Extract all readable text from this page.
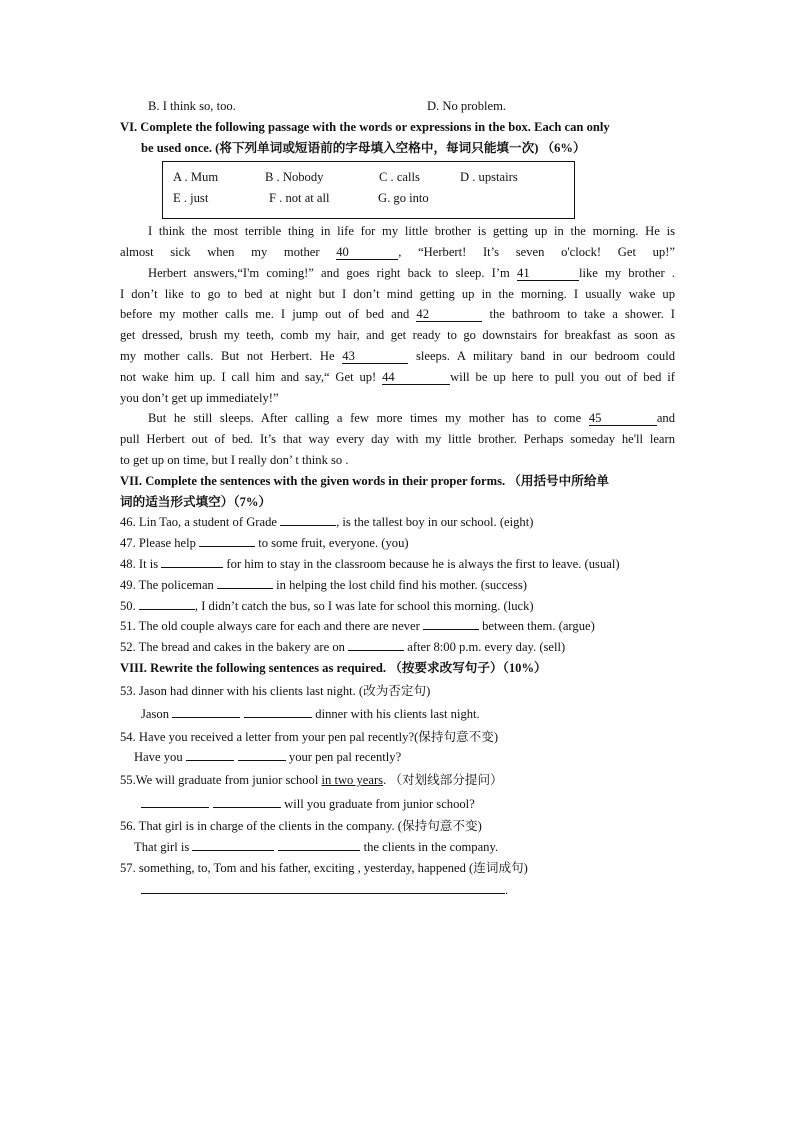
B. I think so, too.	D. No problem.
VI. Complete the following passage with the words or expressions in the box. Each can only
be used once. (将下列单词或短语前的字母填入空格中，每词只能填一次) （6%）
A . Mum	B . Nobody	C . calls	D . upstairs
E . just	F . not at all	G. go into
I think the most terrible thing in life for my little brother is getting up in the morning. He is
almost sick when my mother 40	, “Herbert! It’s seven o'clock! Get up!”
Herbert answers,“I'm coming!” and goes right back to sleep. I’m 41	like my brother .
I don’t like to go to bed at night but I don’t mind getting up in the morning. I usually wake up
before my mother calls me. I jump out of bed and 42	the bathroom to take a shower. I
get dressed, brush my teeth, comb my hair, and get ready to go downstairs for breakfast as soon as
my mother calls. But not Herbert. He 43	sleeps. A military band in our bedroom could
not wake him up. I call him and say,“ Get up! 44	will be up here to pull you out of bed if
you don’t get up immediately!”
But he still sleeps. After calling a few more times my mother has to come 45	and
pull Herbert out of bed. It’s that way every day with my little brother. Perhaps someday he'll learn
to get up on time, but I really don’ t think so .
VII. Complete the sentences with the given words in their proper forms. （用括号中所给单
词的适当形式填空）（7%）
46. Lin Tao, a student of Grade	, is the tallest boy in our school. (eight)
47. Please help	to some fruit, everyone. (you)
48. It is	for him to stay in the classroom because he is always the first to leave. (usual)
49. The policeman	in helping the lost child find his mother. (success)
50.	, I didn’t catch the bus, so I was late for school this morning. (luck)
51. The old couple always care for each and there are never	between them. (argue)
52. The bread and cakes in the bakery are on	after 8:00 p.m. every day. (sell)
VIII. Rewrite the following sentences as required. （按要求改写句子）（10%）
53. Jason had dinner with his clients last night. (改为否定句)
Jason	dinner with his clients last night.
54. Have you received a letter from your pen pal recently?(保持句意不变)
Have you	your pen pal recently?
55.We will graduate from junior school in two years. （对划线部分提问）
will you graduate from junior school?
56. That girl is in charge of the clients in the company. (保持句意不变)
That girl is	the clients in the company.
57. something, to, Tom and his father, exciting , yesterday, happened (连词成句)
.
